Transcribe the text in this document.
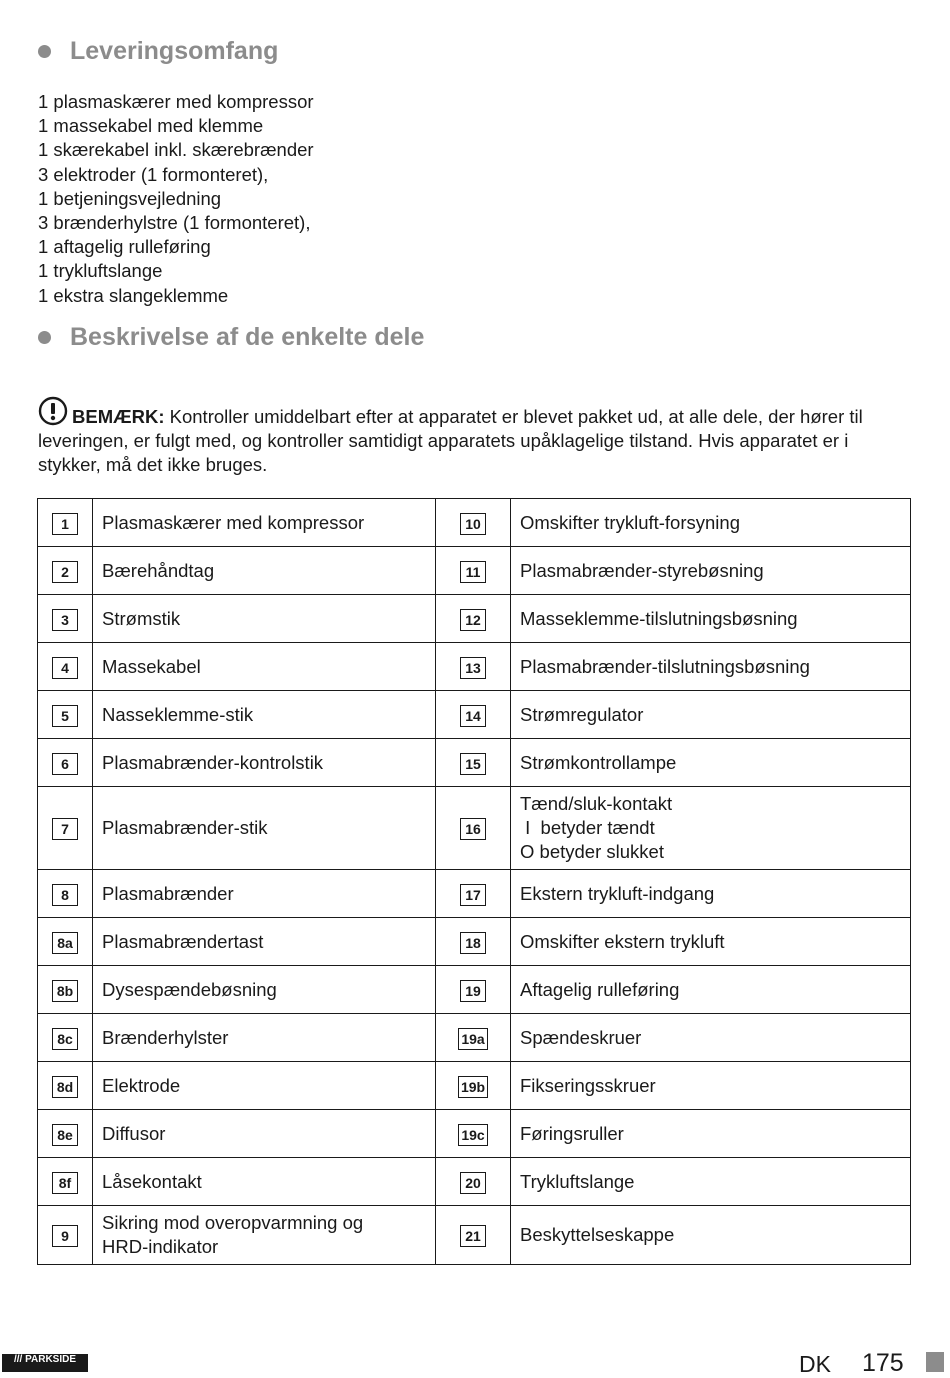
Leveringsomfang
1 plasmaskærer med kompressor
1 massekabel med klemme
1 skærekabel inkl. skærebrænder
3 elektroder (1 formonteret),
1 betjeningsvejledning
3 brænderhylstre (1 formonteret),
1 aftagelig rulleføring
1 trykluftslange
1 ekstra slangeklemme
Beskrivelse af de enkelte dele
BEMÆRK: Kontroller umiddelbart efter at apparatet er blevet pakket ud, at alle dele, der hører til leveringen, er fulgt med, og kontroller samtidigt apparatets upåklagelige tilstand. Hvis apparatet er i stykker, må det ikke bruges.
1	Plasmaskærer med kompressor	10	Omskifter trykluft-forsyning
2	Bærehåndtag	11	Plasmabrænder-styrebøsning
3	Strømstik	12	Masseklemme-tilslutningsbøsning
4	Massekabel	13	Plasmabrænder-tilslutningsbøsning
5	Nasseklemme-stik	14	Strømregulator
6	Plasmabrænder-kontrolstik	15	Strømkontrollampe
7	Plasmabrænder-stik	16	Tænd/sluk-kontakt
I  betyder tændt
O betyder slukket

8	Plasmabrænder	17	Ekstern trykluft-indgang
8a	Plasmabrændertast	18	Omskifter ekstern trykluft
8b	Dysespændebøsning	19	Aftagelig rulleføring
8c	Brænderhylster	19a	Spændeskruer
8d	Elektrode	19b	Fikseringsskruer
8e	Diffusor	19c	Føringsruller
8f	Låsekontakt	20	Trykluftslange
9	Sikring mod overopvarmning og
HRD-indikator	21	Beskyttelseskappe
/// PARKSIDE	DK 175
